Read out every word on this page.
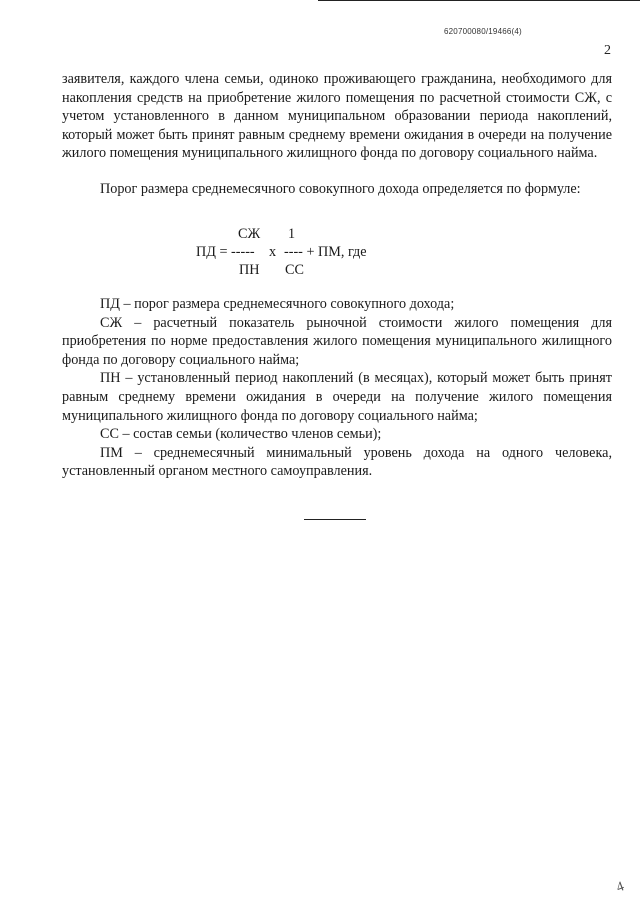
620700080/19466(4)
2

заявителя, каждого члена семьи, одиноко проживающего гражданина, необходимого для накопления средств на приобретение жилого помещения по расчетной стоимости СЖ, с учетом установленного в данном муниципальном образовании периода накоплений, который может быть принят равным среднему времени ожидания в очереди на получение жилого помещения муниципального жилищного фонда по договору социального найма.

Порог размера среднемесячного совокупного дохода определяется по формуле:

СЖ 1
ПД = ----- х ---- + ПМ, где
ПН СС

ПД – порог размера среднемесячного совокупного дохода;

СЖ – расчетный показатель рыночной стоимости жилого помещения для приобретения по норме предоставления жилого помещения муниципального жилищного фонда по договору социального найма;

ПН – установленный период накоплений (в месяцах), который может быть принят равным среднему времени ожидания в очереди на получение жилого помещения муниципального жилищного фонда по договору социального найма;

СС – состав семьи (количество членов семьи);

ПМ – среднемесячный минимальный уровень дохода на одного человека, установленный органом местного самоуправления.

4
